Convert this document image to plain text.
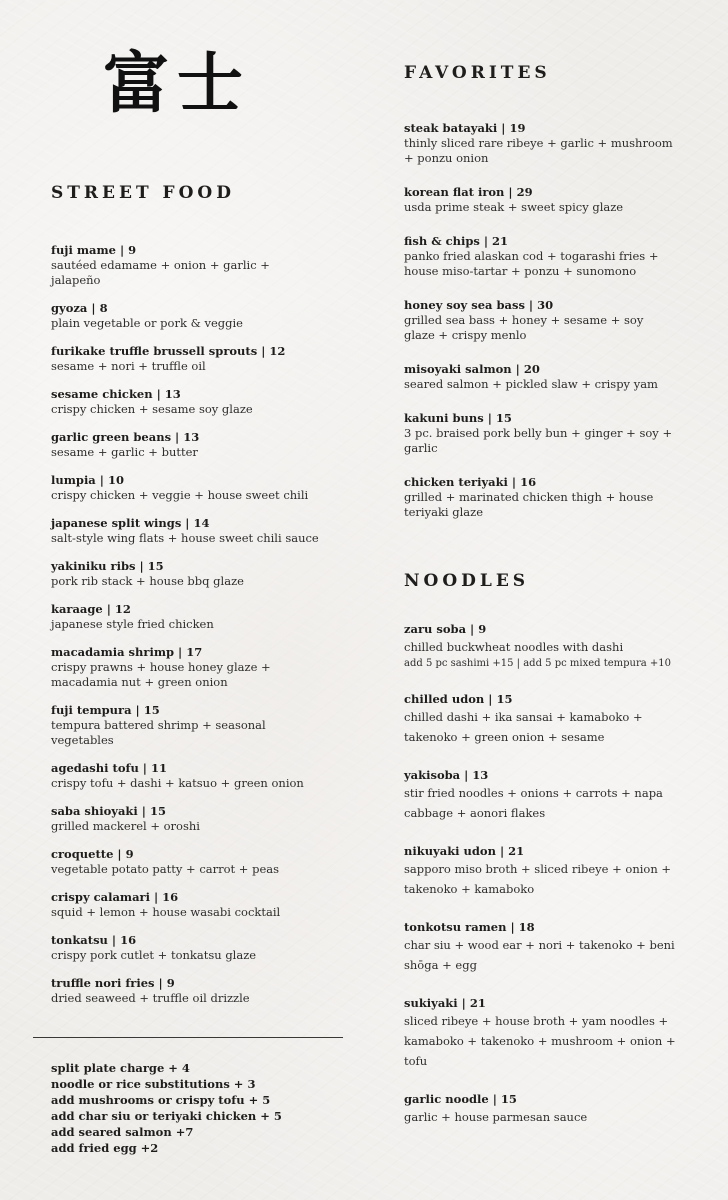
富士
STREET FOOD
fuji mame | 9
sautéed edamame + onion + garlic + jalapeño
gyoza | 8
plain vegetable or pork & veggie
furikake truffle brussell sprouts | 12
sesame + nori + truffle oil
sesame chicken | 13
crispy chicken + sesame soy glaze
garlic green beans | 13
sesame + garlic + butter
lumpia | 10
crispy chicken + veggie + house sweet chili
japanese split wings | 14
salt-style wing flats + house sweet chili sauce
yakiniku ribs | 15
pork rib stack + house bbq glaze
karaage | 12
japanese style fried chicken
macadamia shrimp | 17
crispy prawns + house honey glaze + macadamia nut + green onion
fuji tempura | 15
tempura battered shrimp + seasonal vegetables
agedashi tofu | 11
crispy tofu + dashi + katsuo + green onion
saba shioyaki | 15
grilled mackerel + oroshi
croquette | 9
vegetable potato patty + carrot + peas
crispy calamari | 16
squid + lemon + house wasabi cocktail
tonkatsu | 16
crispy pork cutlet + tonkatsu glaze
truffle nori fries | 9
dried seaweed + truffle oil drizzle
split plate charge + 4
noodle or rice substitutions + 3
add mushrooms or crispy tofu + 5
add char siu or teriyaki chicken + 5
add seared salmon +7
add fried egg +2
FAVORITES
steak batayaki | 19
thinly sliced rare ribeye + garlic + mushroom + ponzu onion
korean flat iron | 29
usda prime steak + sweet spicy glaze
fish & chips | 21
panko fried alaskan cod + togarashi fries + house miso-tartar + ponzu + sunomono
honey soy sea bass | 30
grilled sea bass + honey + sesame + soy glaze + crispy menlo
misoyaki salmon | 20
seared salmon + pickled slaw + crispy yam
kakuni buns | 15
3 pc. braised pork belly bun + ginger + soy + garlic
chicken teriyaki | 16
grilled + marinated chicken thigh + house teriyaki glaze
NOODLES
zaru soba | 9
chilled buckwheat noodles with dashi
add 5 pc sashimi +15 | add 5 pc mixed tempura +10
chilled udon | 15
chilled dashi + ika sansai + kamaboko + takenoko + green onion + sesame
yakisoba | 13
stir fried noodles + onions + carrots + napa cabbage + aonori flakes
nikuyaki udon | 21
sapporo miso broth + sliced ribeye + onion + takenoko + kamaboko
tonkotsu ramen | 18
char siu + wood ear + nori + takenoko + beni shōga + egg
sukiyaki | 21
sliced ribeye + house broth + yam noodles + kamaboko + takenoko + mushroom + onion + tofu
garlic noodle | 15
garlic + house parmesan sauce
